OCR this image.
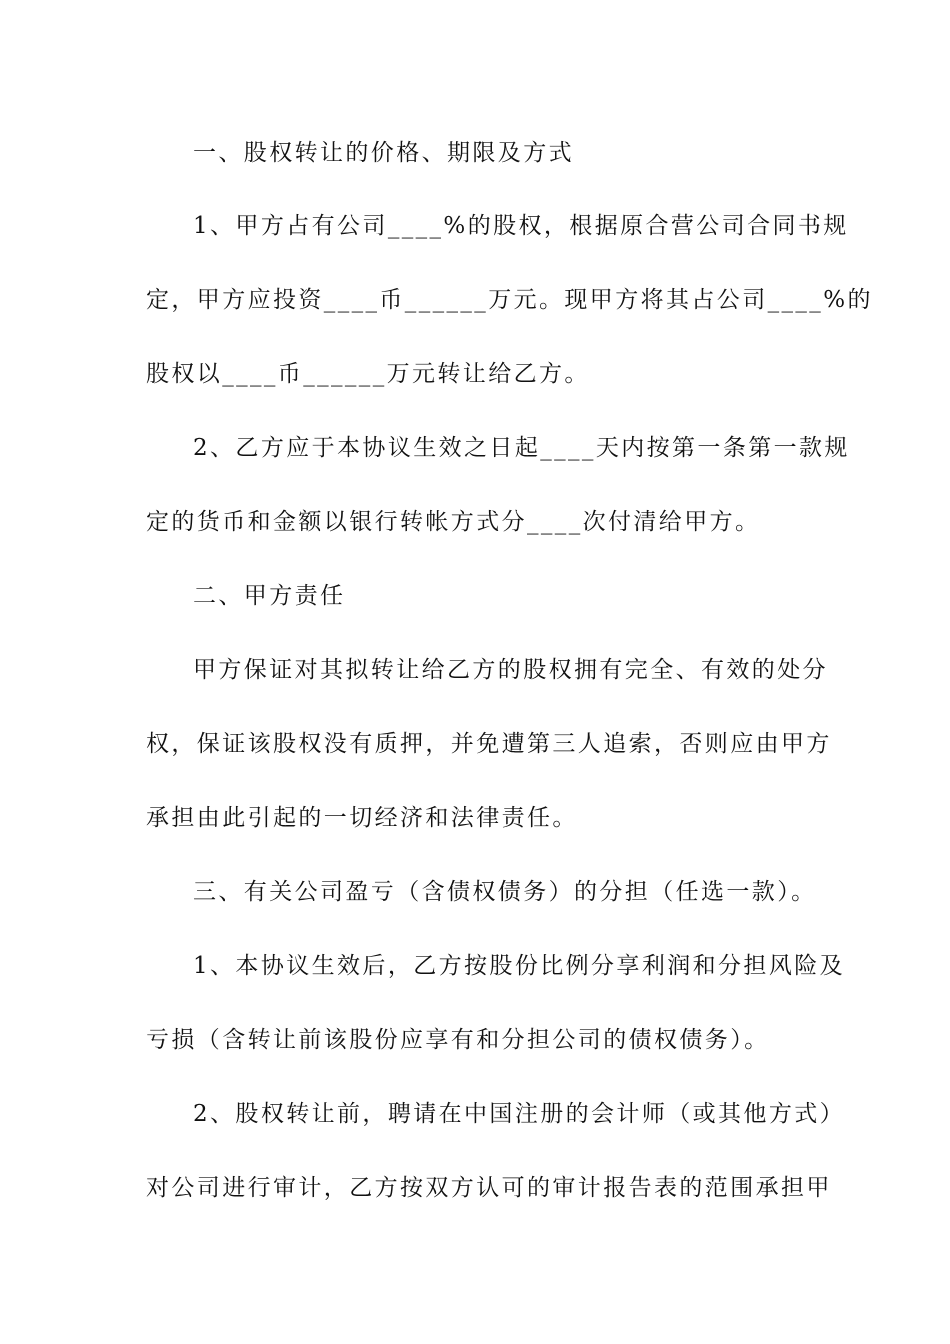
一、股权转让的价格、期限及方式
1、甲方占有公司____%的股权，根据原合营公司合同书规
定，甲方应投资____币______万元。现甲方将其占公司____%的
股权以____币______万元转让给乙方。
2、乙方应于本协议生效之日起____天内按第一条第一款规
定的货币和金额以银行转帐方式分____次付清给甲方。
二、甲方责任
甲方保证对其拟转让给乙方的股权拥有完全、有效的处分
权，保证该股权没有质押，并免遭第三人追索，否则应由甲方
承担由此引起的一切经济和法律责任。
三、有关公司盈亏（含债权债务）的分担（任选一款）。
1、本协议生效后，乙方按股份比例分享利润和分担风险及
亏损（含转让前该股份应享有和分担公司的债权债务）。
2、股权转让前，聘请在中国注册的会计师（或其他方式）
对公司进行审计，乙方按双方认可的审计报告表的范围承担甲
